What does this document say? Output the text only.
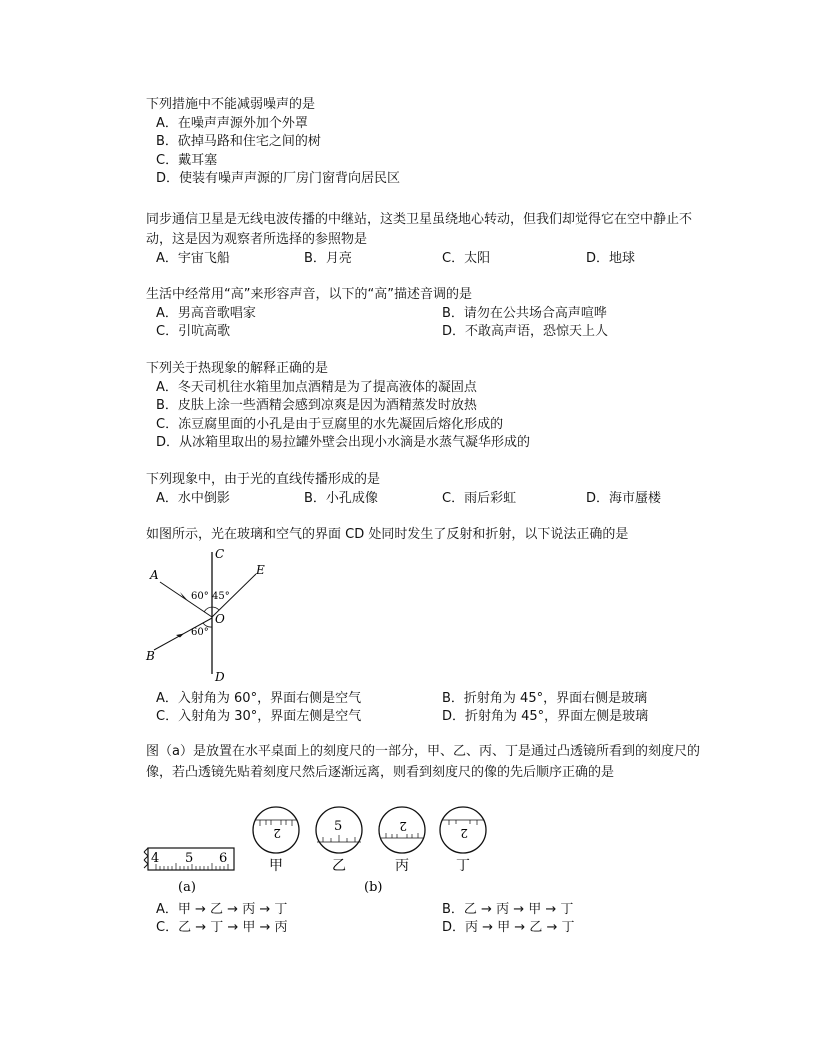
下列措施中不能减弱噪声的是
A．在噪声声源外加个外罩
B．砍掉马路和住宅之间的树
C．戴耳塞
D．使装有噪声声源的厂房门窗背向居民区
同步通信卫星是无线电波传播的中继站，这类卫星虽绕地心转动，但我们却觉得它在空中静止不动，这是因为观察者所选择的参照物是
A．宇宙飞船	B．月亮	C．太阳	D．地球
生活中经常用“高”来形容声音，以下的“高”描述音调的是
A．男高音歌唱家	B．请勿在公共场合高声喧哗
C．引吭高歌	D．不敢高声语，恐惊天上人
下列关于热现象的解释正确的是
A．冬天司机往水箱里加点酒精是为了提高液体的凝固点
B．皮肤上涂一些酒精会感到凉爽是因为酒精蒸发时放热
C．冻豆腐里面的小孔是由于豆腐里的水先凝固后熔化形成的
D．从冰箱里取出的易拉罐外壁会出现小水滴是水蒸气凝华形成的
下列现象中，由于光的直线传播形成的是
A．水中倒影	B．小孔成像	C．雨后彩虹	D．海市蜃楼
如图所示，光在玻璃和空气的界面 CD 处同时发生了反射和折射，以下说法正确的是
C
D
A
B
E
O
60° 45°
60°
A．入射角为 60°，界面右侧是空气	B．折射角为 45°，界面右侧是玻璃
C．入射角为 30°，界面左侧是空气	D．折射角为 45°，界面左侧是玻璃
图（a）是放置在水平桌面上的刻度尺的一部分，甲、乙、丙、丁是通过凸透镜所看到的刻度尺的像，若凸透镜先贴着刻度尺然后逐渐远离，则看到刻度尺的像的先后顺序正确的是
4 5 6
(a)
2	5	2	2
甲	乙	丙	丁
(b)
A．甲 → 乙 → 丙 → 丁	B．乙 → 丙 → 甲 → 丁
C．乙 → 丁 → 甲 → 丙	D．丙 → 甲 → 乙 → 丁
